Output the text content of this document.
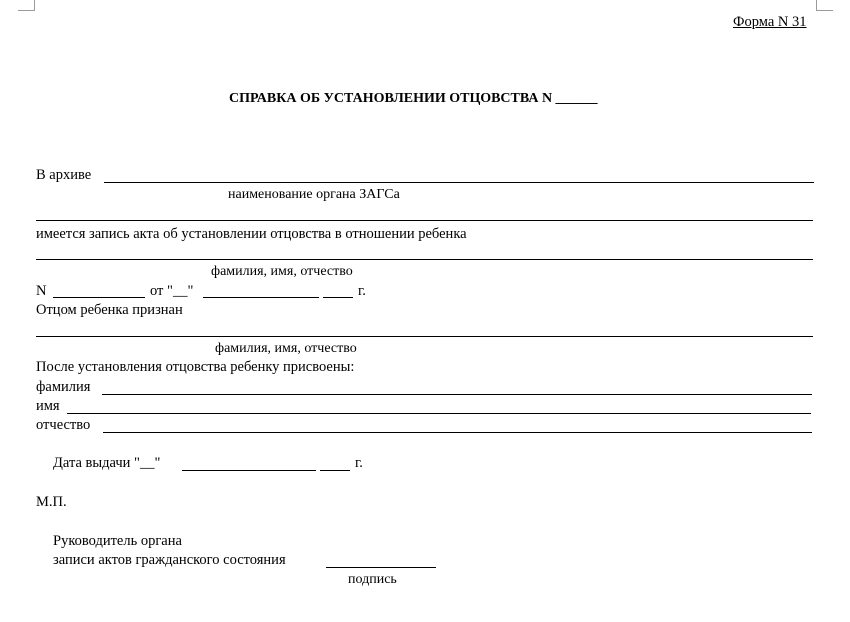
Форма N 31
СПРАВКА ОБ УСТАНОВЛЕНИИ ОТЦОВСТВА N ______
В архиве
наименование органа ЗАГСа
имеется запись акта об установлении отцовства в отношении ребенка
фамилия, имя, отчество
N	от "__"	г.
Отцом ребенка признан
фамилия, имя, отчество
После установления отцовства ребенку присвоены:
фамилия
имя
отчество
Дата выдачи "__"	г.
М.П.
Руководитель органа
записи актов гражданского состояния
подпись
